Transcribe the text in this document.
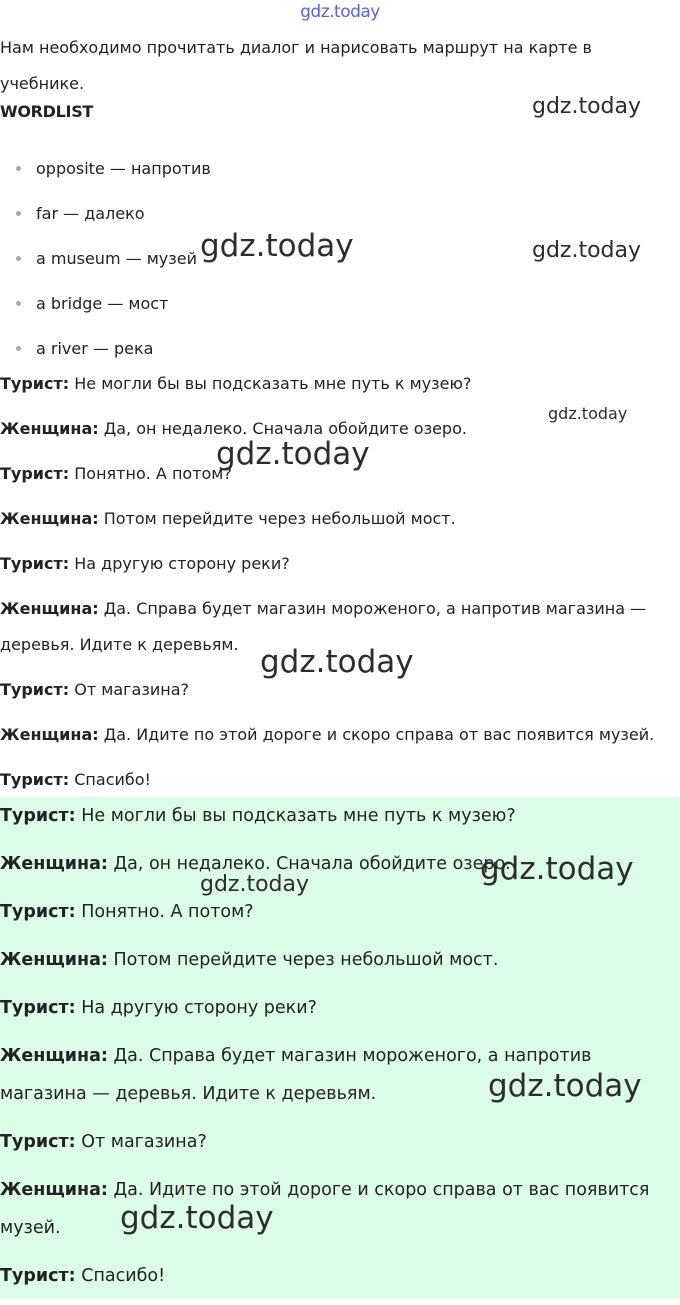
gdz.today
Нам необходимо прочитать диалог и нарисовать маршрут на карте в учебнике.
WORDLIST
opposite — напротив
far — далеко
a museum — музей
a bridge — мост
a river — река
Турист: Не могли бы вы подсказать мне путь к музею?
Женщина: Да, он недалеко. Сначала обойдите озеро.
Турист: Понятно. А потом?
Женщина: Потом перейдите через небольшой мост.
Турист: На другую сторону реки?
Женщина: Да. Справа будет магазин мороженого, а напротив магазина — деревья. Идите к деревьям.
Турист: От магазина?
Женщина: Да. Идите по этой дороге и скоро справа от вас появится музей.
Турист: Спасибо!
Турист: Не могли бы вы подсказать мне путь к музею?
Женщина: Да, он недалеко. Сначала обойдите озеро.
Турист: Понятно. А потом?
Женщина: Потом перейдите через небольшой мост.
Турист: На другую сторону реки?
Женщина: Да. Справа будет магазин мороженого, а напротив магазина — деревья. Идите к деревьям.
Турист: От магазина?
Женщина: Да. Идите по этой дороге и скоро справа от вас появится музей.
Турист: Спасибо!
gdz.today
gdz.today	gdz.today
gdz.today
gdz.today
gdz.today
gdz.today
gdz.today
gdz.today
gdz.today
